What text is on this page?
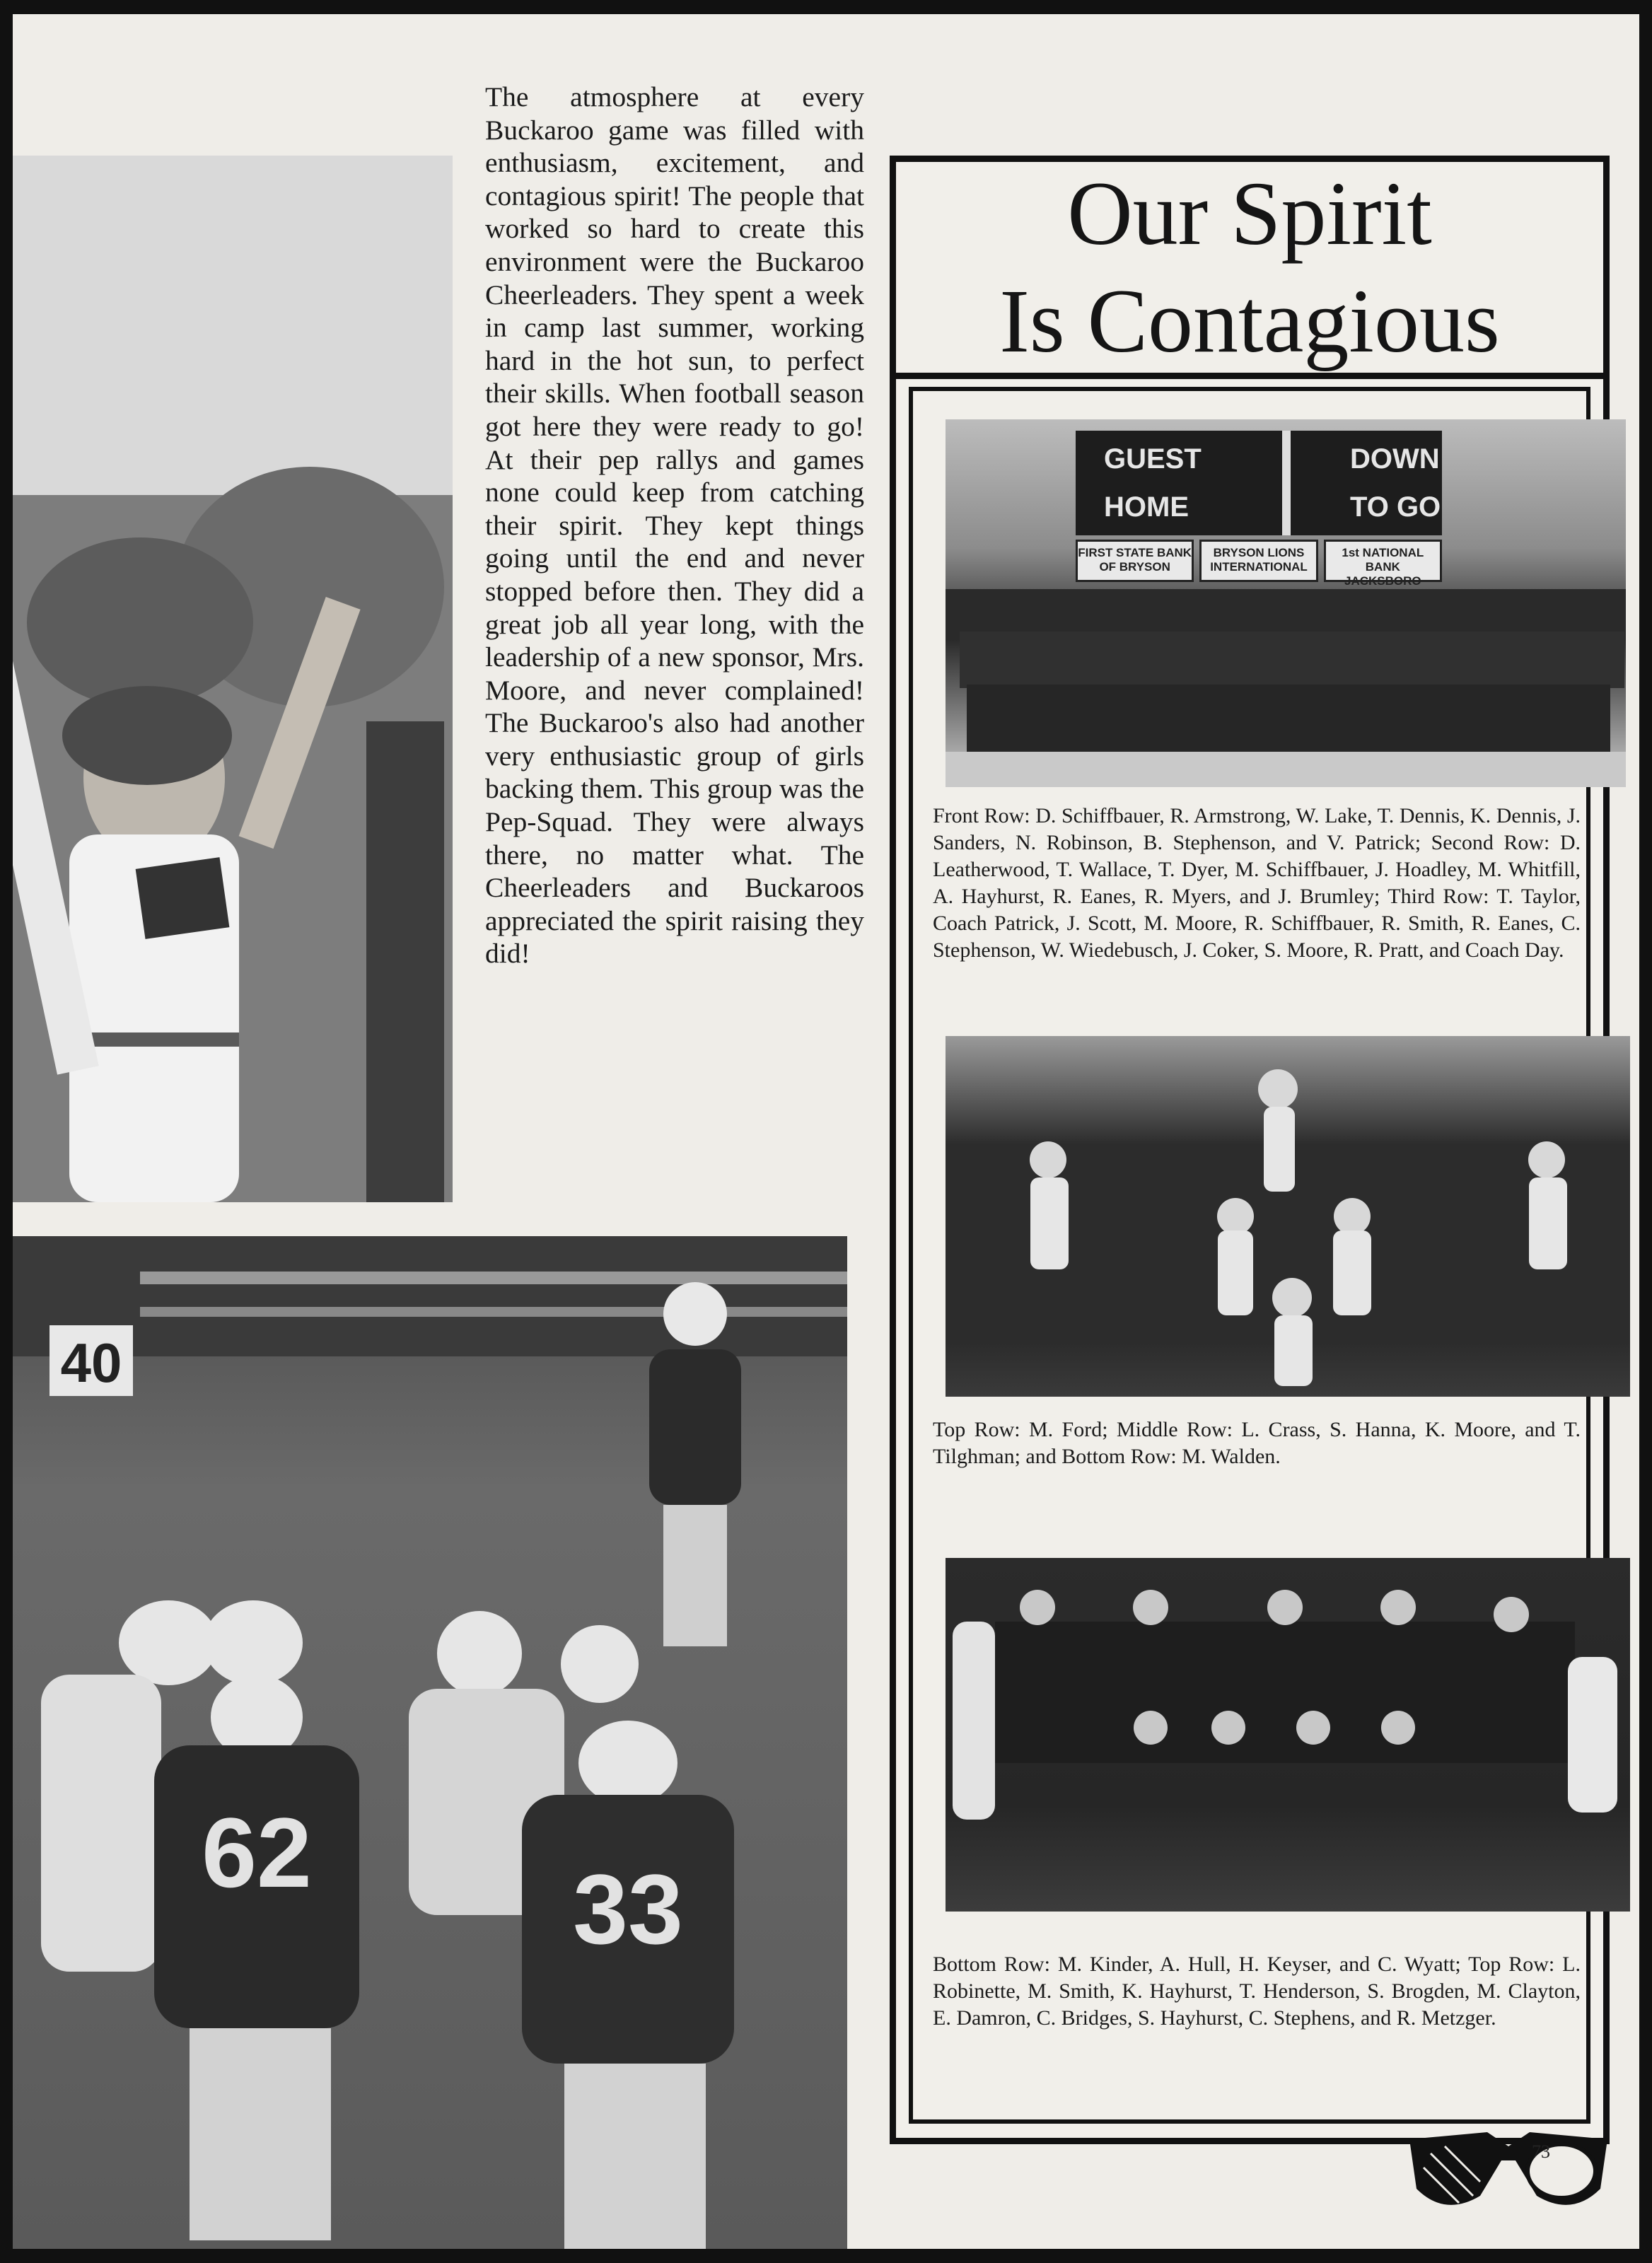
The atmosphere at every Buckaroo game was filled with enthusiasm, excitement, and contagious spirit! The people that worked so hard to create this environment were the Buckaroo Cheerleaders. They spent a week in camp last summer, working hard in the hot sun, to perfect their skills. When football season got here they were ready to go! At their pep rallys and games none could keep from catching their spirit. They kept things going until the end and never stopped before then. They did a great job all year long, with the leadership of a new sponsor, Mrs. Moore, and never complained! The Buckaroo's also had another very enthusiastic group of girls backing them. This group was the Pep-Squad. They were always there, no matter what. The Cheerleaders and Buckaroos appreciated the spirit raising they did!
40
62
33
Our Spirit
Is Contagious
GUEST
HOME
DOWN
TO GO
FIRST STATE BANK OF BRYSON
BRYSON LIONS INTERNATIONAL
1st NATIONAL BANK JACKSBORO
Front Row: D. Schiffbauer, R. Armstrong, W. Lake, T. Dennis, K. Dennis, J. Sanders, N. Robinson, B. Stephenson, and V. Patrick; Second Row: D. Leatherwood, T. Wallace, T. Dyer, M. Schiffbauer, J. Hoadley, M. Whitfill, A. Hayhurst, R. Eanes, R. Myers, and J. Brumley; Third Row: T. Taylor, Coach Patrick, J. Scott, M. Moore, R. Schiffbauer, R. Smith, R. Eanes, C. Stephenson, W. Wiedebusch, J. Coker, S. Moore, R. Pratt, and Coach Day.
Top Row: M. Ford; Middle Row: L. Crass, S. Hanna, K. Moore, and T. Tilghman; and Bottom Row: M. Walden.
Bottom Row: M. Kinder, A. Hull, H. Keyser, and C. Wyatt; Top Row: L. Robinette, M. Smith, K. Hayhurst, T. Henderson, S. Brogden, M. Clayton, E. Damron, C. Bridges, S. Hayhurst, C. Stephens, and R. Metzger.
73
